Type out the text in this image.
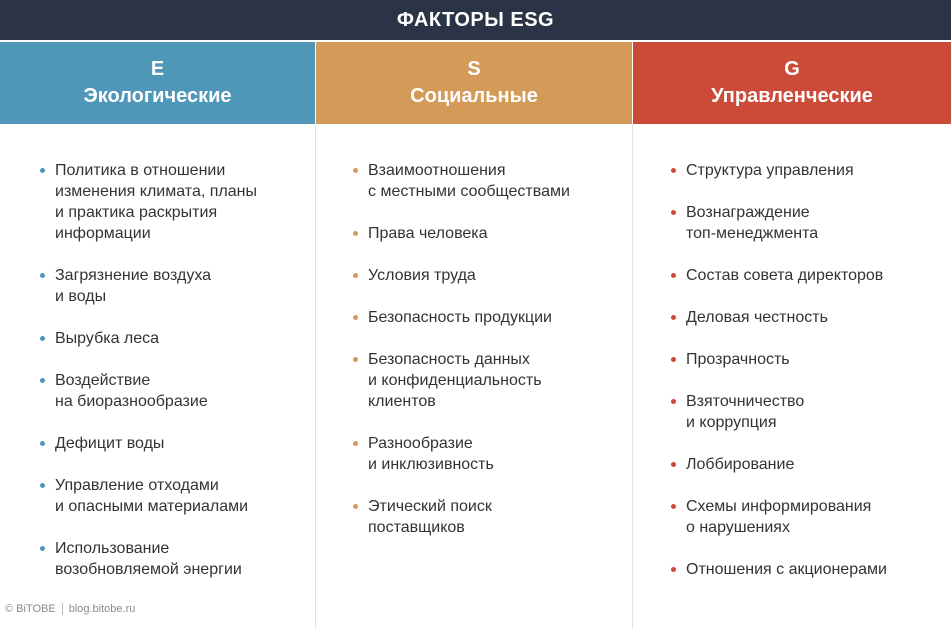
ФАКТОРЫ ESG
E
Экологические
Политика в отношении
изменения климата, планы
и практика раскрытия
информации
Загрязнение воздуха
и воды
Вырубка леса
Воздействие
на биоразнообразие
Дефицит воды
Управление отходами
и опасными материалами
Использование
возобновляемой энергии
S
Социальные
Взаимоотношения
с местными сообществами
Права человека
Условия труда
Безопасность продукции
Безопасность данных
и конфиденциальность
клиентов
Разнообразие
и инклюзивность
Этический поиск
поставщиков
G
Управленческие
Структура управления
Вознаграждение
топ-менеджмента
Состав совета директоров
Деловая честность
Прозрачность
Взяточничество
и коррупция
Лоббирование
Схемы информирования
о нарушениях
Отношения с акционерами
© BiTOBE blog.bitobe.ru
